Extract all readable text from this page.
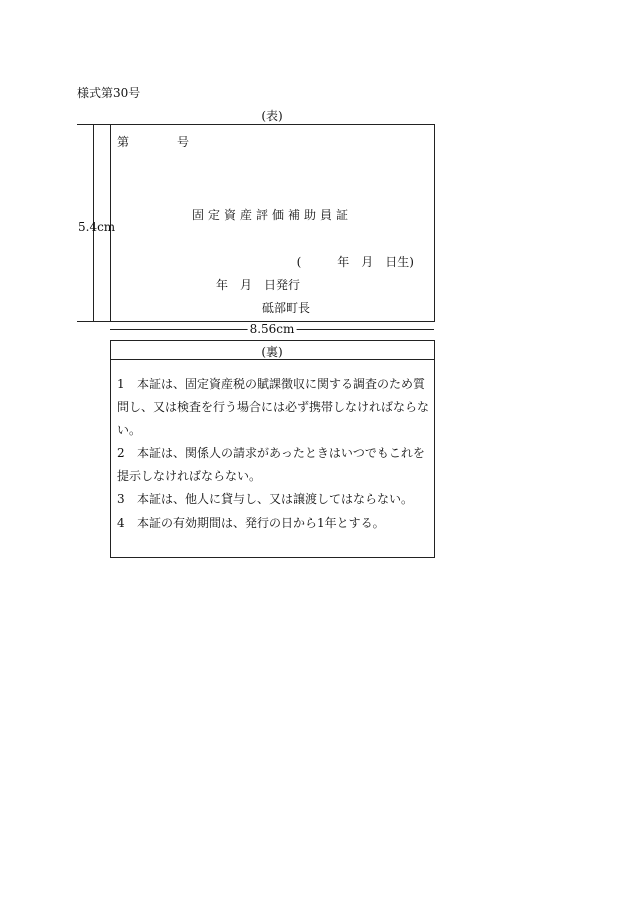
様式第30号
(表)
5.4cm
第	号
固定資産評価補助員証
(　　　年　月　日生)
年　月　日発行
砥部町長
8.56cm
(裏)
1 本証は、固定資産税の賦課徴収に関する調査のため質問し、又は検査を行う場合には必ず携帯しなければならない。
2 本証は、関係人の請求があったときはいつでもこれを提示しなければならない。
3 本証は、他人に貸与し、又は譲渡してはならない。
4 本証の有効期間は、発行の日から1年とする。
